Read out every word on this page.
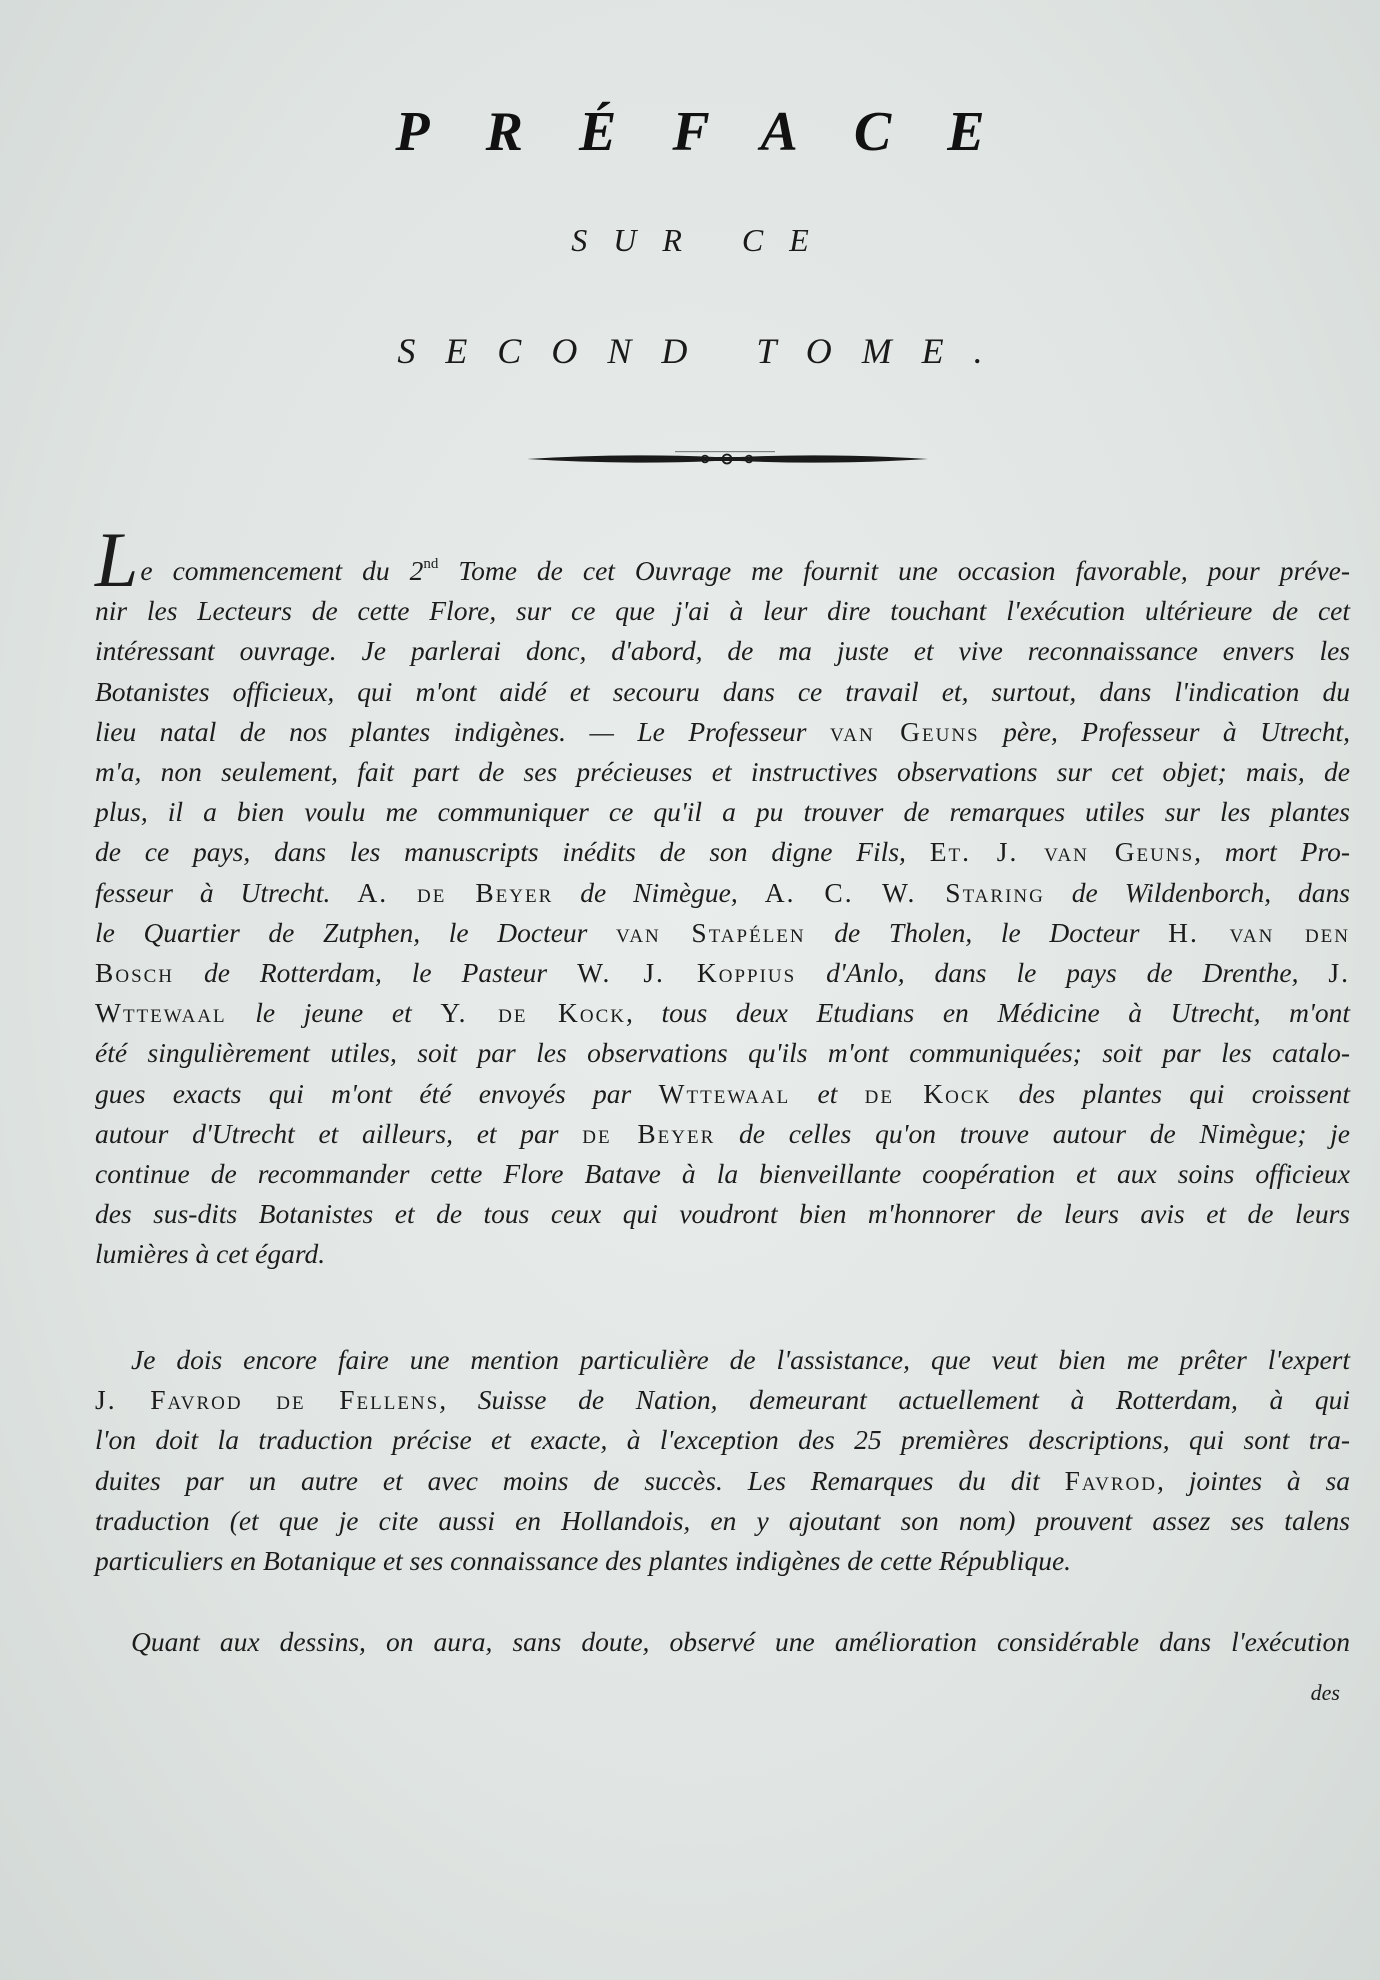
PRÉFACE
SUR CE
SECOND TOME.
Le commencement du 2nd Tome de cet Ouvrage me fournit une occasion favorable, pour préve-
nir les Lecteurs de cette Flore, sur ce que j'ai à leur dire touchant l'exécution ultérieure de cet
intéressant ouvrage. Je parlerai donc, d'abord, de ma juste et vive reconnaissance envers les
Botanistes officieux, qui m'ont aidé et secouru dans ce travail et, surtout, dans l'indication du
lieu natal de nos plantes indigènes. — Le Professeur van Geuns père, Professeur à Utrecht,
m'a, non seulement, fait part de ses précieuses et instructives observations sur cet objet; mais, de
plus, il a bien voulu me communiquer ce qu'il a pu trouver de remarques utiles sur les plantes
de ce pays, dans les manuscripts inédits de son digne Fils, Et. J. van Geuns, mort Pro-
fesseur à Utrecht. A. de Beyer de Nimègue, A. C. W. Staring de Wildenborch, dans
le Quartier de Zutphen, le Docteur van Stapélen de Tholen, le Docteur H. van den
Bosch de Rotterdam, le Pasteur W. J. Koppius d'Anlo, dans le pays de Drenthe, J.
Wttewaal le jeune et Y. de Kock, tous deux Etudians en Médicine à Utrecht, m'ont
été singulièrement utiles, soit par les observations qu'ils m'ont communiquées; soit par les catalo-
gues exacts qui m'ont été envoyés par Wttewaal et de Kock des plantes qui croissent
autour d'Utrecht et ailleurs, et par de Beyer de celles qu'on trouve autour de Nimègue; je
continue de recommander cette Flore Batave à la bienveillante coopération et aux soins officieux
des sus-dits Botanistes et de tous ceux qui voudront bien m'honnorer de leurs avis et de leurs
lumières à cet égard.
Je dois encore faire une mention particulière de l'assistance, que veut bien me prêter l'expert
J. Favrod de Fellens, Suisse de Nation, demeurant actuellement à Rotterdam, à qui
l'on doit la traduction précise et exacte, à l'exception des 25 premières descriptions, qui sont tra-
duites par un autre et avec moins de succès. Les Remarques du dit Favrod, jointes à sa
traduction (et que je cite aussi en Hollandois, en y ajoutant son nom) prouvent assez ses talens
particuliers en Botanique et ses connaissance des plantes indigènes de cette République.
Quant aux dessins, on aura, sans doute, observé une amélioration considérable dans l'exécution
des
